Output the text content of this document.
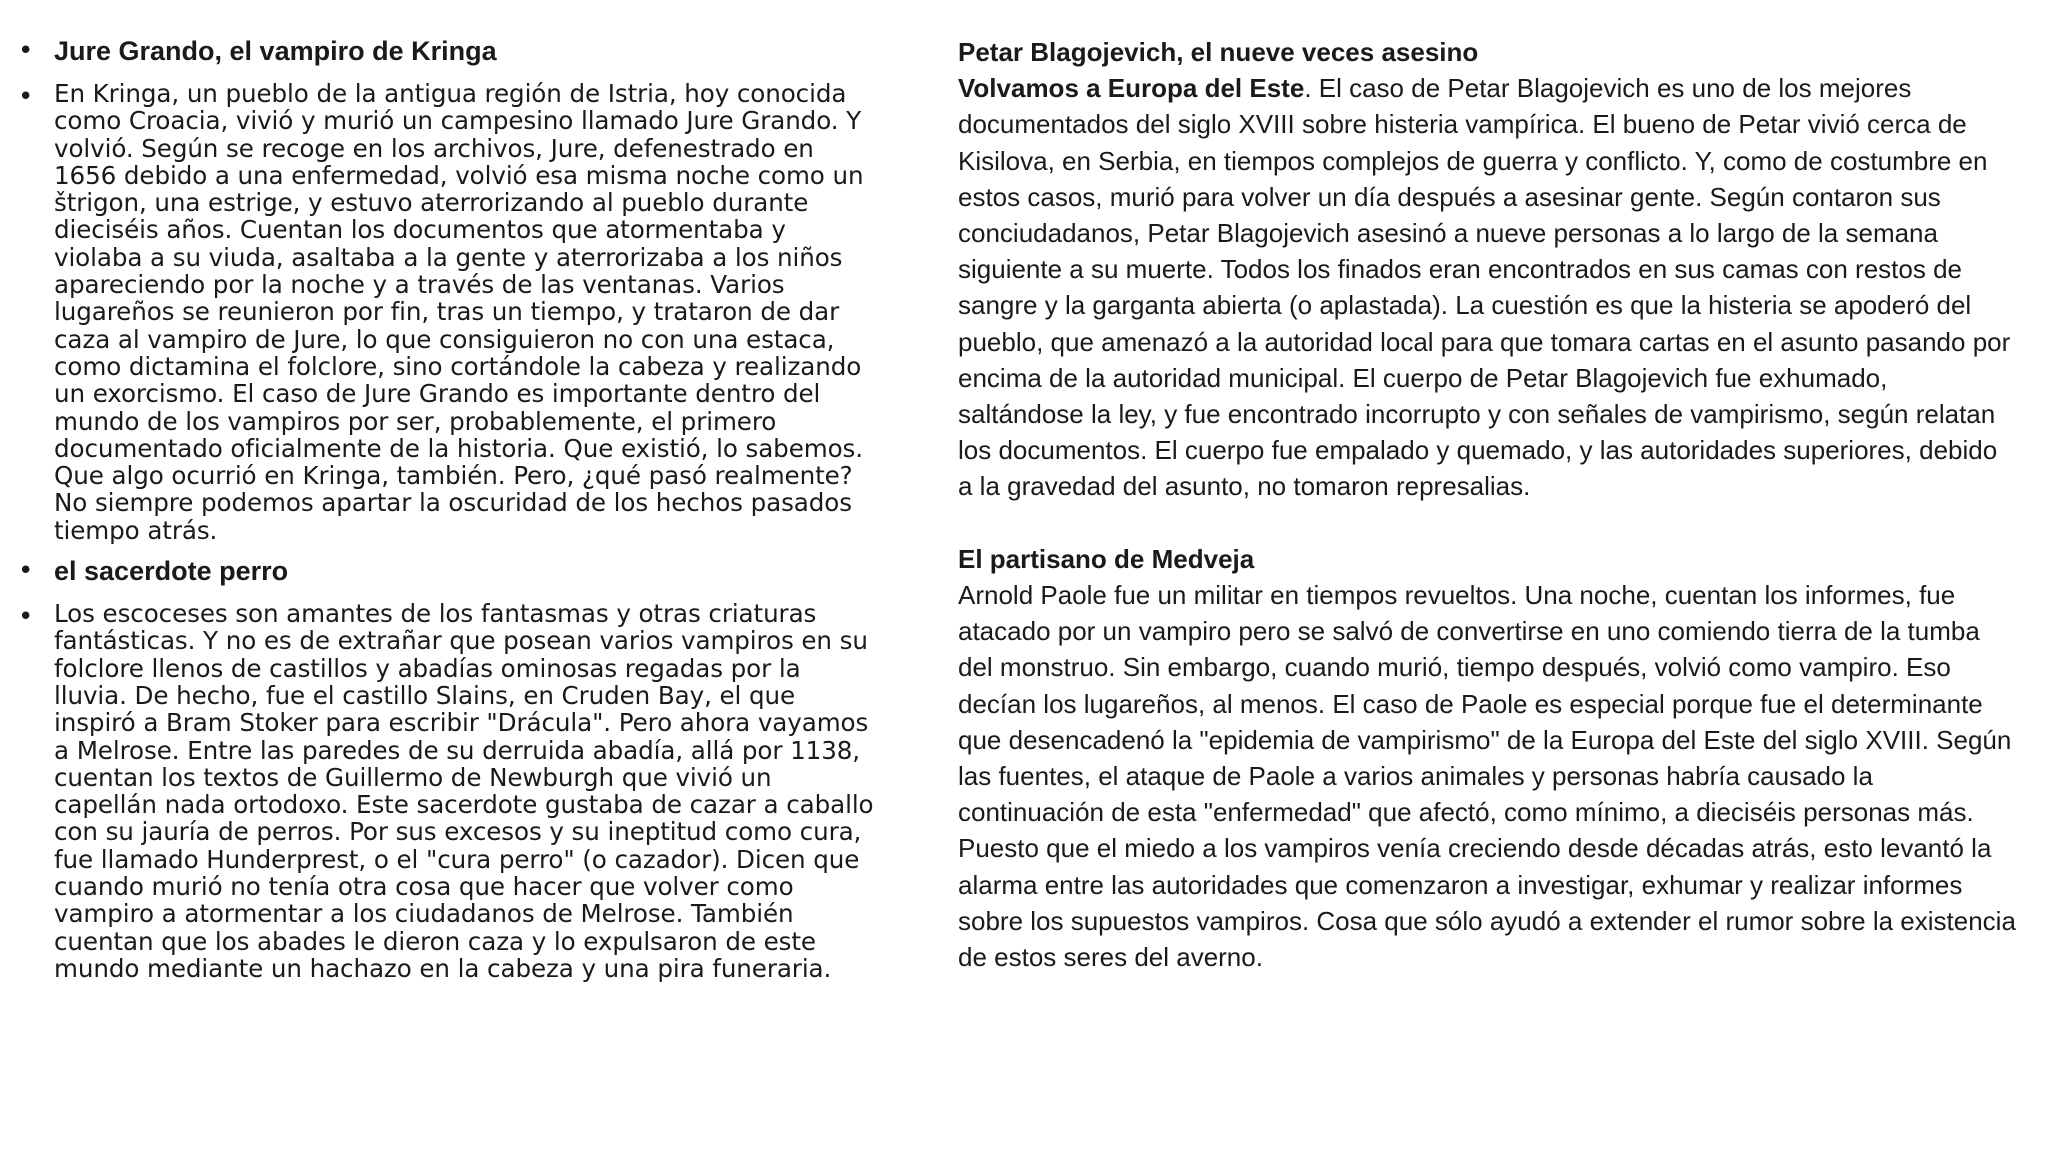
• Jure Grando, el vampiro de Kringa
• En Kringa, un pueblo de la antigua región de Istria, hoy conocida como Croacia, vivió y murió un campesino llamado Jure Grando. Y volvió. Según se recoge en los archivos, Jure, defenestrado en 1656 debido a una enfermedad, volvió esa misma noche como un štrigon, una estrige, y estuvo aterrorizando al pueblo durante dieciséis años. Cuentan los documentos que atormentaba y violaba a su viuda, asaltaba a la gente y aterrorizaba a los niños apareciendo por la noche y a través de las ventanas. Varios lugareños se reunieron por fin, tras un tiempo, y trataron de dar caza al vampiro de Jure, lo que consiguieron no con una estaca, como dictamina el folclore, sino cortándole la cabeza y realizando un exorcismo. El caso de Jure Grando es importante dentro del mundo de los vampiros por ser, probablemente, el primero documentado oficialmente de la historia. Que existió, lo sabemos. Que algo ocurrió en Kringa, también. Pero, ¿qué pasó realmente? No siempre podemos apartar la oscuridad de los hechos pasados tiempo atrás.
• el sacerdote perro
• Los escoceses son amantes de los fantasmas y otras criaturas fantásticas. Y no es de extrañar que posean varios vampiros en su folclore llenos de castillos y abadías ominosas regadas por la lluvia. De hecho, fue el castillo Slains, en Cruden Bay, el que inspiró a Bram Stoker para escribir "Drácula". Pero ahora vayamos a Melrose. Entre las paredes de su derruida abadía, allá por 1138, cuentan los textos de Guillermo de Newburgh que vivió un capellán nada ortodoxo. Este sacerdote gustaba de cazar a caballo con su jauría de perros. Por sus excesos y su ineptitud como cura, fue llamado Hunderprest, o el "cura perro" (o cazador). Dicen que cuando murió no tenía otra cosa que hacer que volver como vampiro a atormentar a los ciudadanos de Melrose. También cuentan que los abades le dieron caza y lo expulsaron de este mundo mediante un hachazo en la cabeza y una pira funeraria.

Petar Blagojevich, el nueve veces asesino

Volvamos a Europa del Este. El caso de Petar Blagojevich es uno de los mejores documentados del siglo XVIII sobre histeria vampírica. El bueno de Petar vivió cerca de Kisilova, en Serbia, en tiempos complejos de guerra y conflicto. Y, como de costumbre en estos casos, murió para volver un día después a asesinar gente. Según contaron sus conciudadanos, Petar Blagojevich asesinó a nueve personas a lo largo de la semana siguiente a su muerte. Todos los finados eran encontrados en sus camas con restos de sangre y la garganta abierta (o aplastada). La cuestión es que la histeria se apoderó del pueblo, que amenazó a la autoridad local para que tomara cartas en el asunto pasando por encima de la autoridad municipal. El cuerpo de Petar Blagojevich fue exhumado, saltándose la ley, y fue encontrado incorrupto y con señales de vampirismo, según relatan los documentos. El cuerpo fue empalado y quemado, y las autoridades superiores, debido a la gravedad del asunto, no tomaron represalias.

El partisano de Medveja

Arnold Paole fue un militar en tiempos revueltos. Una noche, cuentan los informes, fue atacado por un vampiro pero se salvó de convertirse en uno comiendo tierra de la tumba del monstruo. Sin embargo, cuando murió, tiempo después, volvió como vampiro. Eso decían los lugareños, al menos. El caso de Paole es especial porque fue el determinante que desencadenó la "epidemia de vampirismo" de la Europa del Este del siglo XVIII. Según las fuentes, el ataque de Paole a varios animales y personas habría causado la continuación de esta "enfermedad" que afectó, como mínimo, a dieciséis personas más. Puesto que el miedo a los vampiros venía creciendo desde décadas atrás, esto levantó la alarma entre las autoridades que comenzaron a investigar, exhumar y realizar informes sobre los supuestos vampiros. Cosa que sólo ayudó a extender el rumor sobre la existencia de estos seres del averno.
